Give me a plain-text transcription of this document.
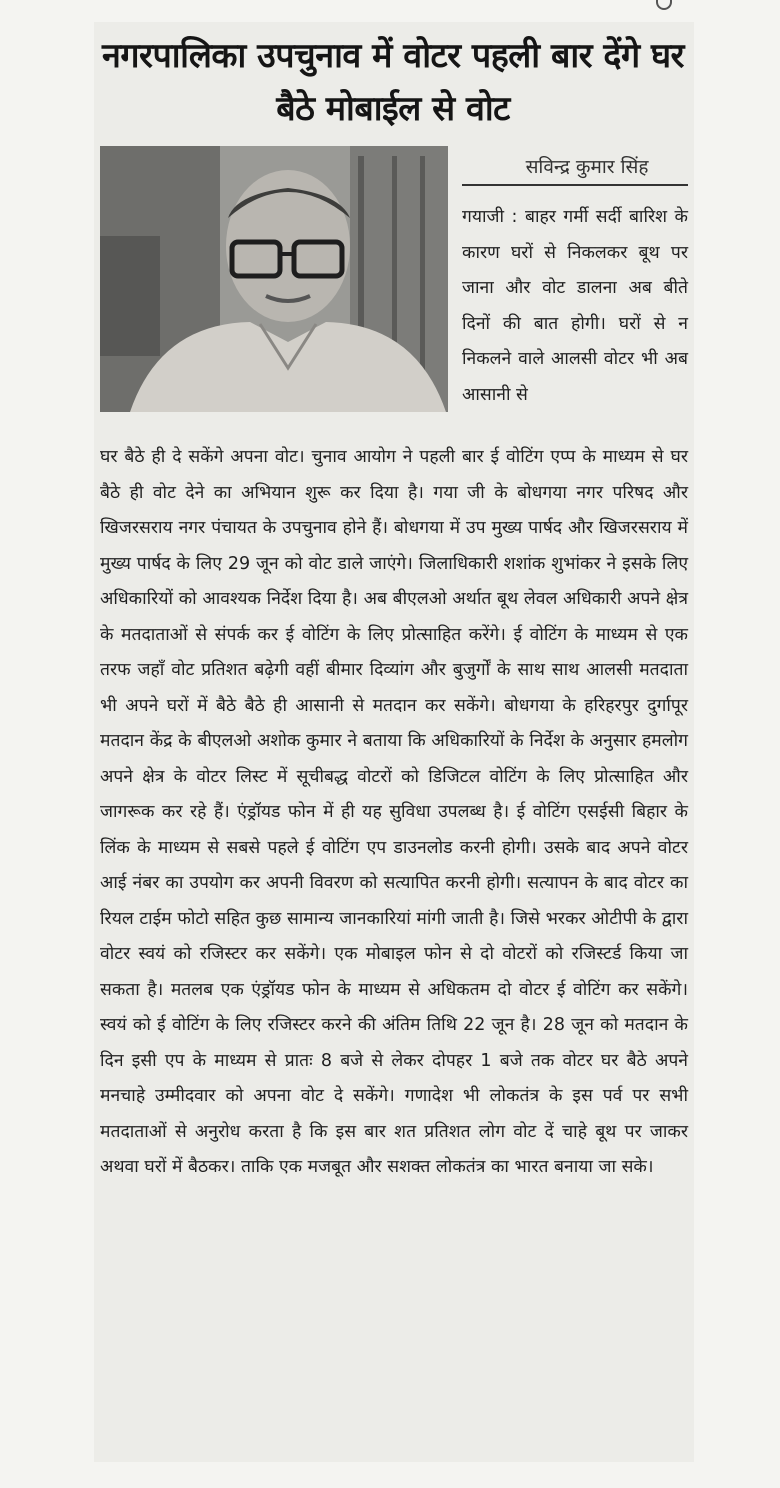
नगरपालिका उपचुनाव में वोटर पहली बार देंगे घर बैठे मोबाईल से वोट
सविन्द्र कुमार सिंह

गयाजी : बाहर गर्मी सर्दी बारिश के कारण घरों से निकलकर बूथ पर जाना और वोट डालना अब बीते दिनों की बात होगी। घरों से न निकलने वाले आलसी वोटर भी अब आसानी से

घर बैठे ही दे सकेंगे अपना वोट। चुनाव आयोग ने पहली बार ई वोटिंग एप्प के माध्यम से घर बैठे ही वोट देने का अभियान शुरू कर दिया है। गया जी के बोधगया नगर परिषद और खिजरसराय नगर पंचायत के उपचुनाव होने हैं। बोधगया में उप मुख्य पार्षद और खिजरसराय में मुख्य पार्षद के लिए 29 जून को वोट डाले जाएंगे। जिलाधिकारी शशांक शुभांकर ने इसके लिए अधिकारियों को आवश्यक निर्देश दिया है। अब बीएलओ अर्थात बूथ लेवल अधिकारी अपने क्षेत्र के मतदाताओं से संपर्क कर ई वोटिंग के लिए प्रोत्साहित करेंगे। ई वोटिंग के माध्यम से एक तरफ जहाँ वोट प्रतिशत बढ़ेगी वहीं बीमार दिव्यांग और बुजुर्गों के साथ साथ आलसी मतदाता भी अपने घरों में बैठे बैठे ही आसानी से मतदान कर सकेंगे। बोधगया के हरिहरपुर दुर्गापूर मतदान केंद्र के बीएलओ अशोक कुमार ने बताया कि अधिकारियों के निर्देश के अनुसार हमलोग अपने क्षेत्र के वोटर लिस्ट में सूचीबद्ध वोटरों को डिजिटल वोटिंग के लिए प्रोत्साहित और जागरूक कर रहे हैं। एंड्रॉयड फोन में ही यह सुविधा उपलब्ध है। ई वोटिंग एसईसी बिहार के लिंक के माध्यम से सबसे पहले ई वोटिंग एप डाउनलोड करनी होगी। उसके बाद अपने वोटर आई नंबर का उपयोग कर अपनी विवरण को सत्यापित करनी होगी। सत्यापन के बाद वोटर का रियल टाईम फोटो सहित कुछ सामान्य जानकारियां मांगी जाती है। जिसे भरकर ओटीपी के द्वारा वोटर स्वयं को रजिस्टर कर सकेंगे। एक मोबाइल फोन से दो वोटरों को रजिस्टर्ड किया जा सकता है। मतलब एक एंड्रॉयड फोन के माध्यम से अधिकतम दो वोटर ई वोटिंग कर सकेंगे। स्वयं को ई वोटिंग के लिए रजिस्टर करने की अंतिम तिथि 22 जून है। 28 जून को मतदान के दिन इसी एप के माध्यम से प्रातः 8 बजे से लेकर दोपहर 1 बजे तक वोटर घर बैठे अपने मनचाहे उम्मीदवार को अपना वोट दे सकेंगे। गणादेश भी लोकतंत्र के इस पर्व पर सभी मतदाताओं से अनुरोध करता है कि इस बार शत प्रतिशत लोग वोट दें चाहे बूथ पर जाकर अथवा घरों में बैठकर। ताकि एक मजबूत और सशक्त लोकतंत्र का भारत बनाया जा सके।
